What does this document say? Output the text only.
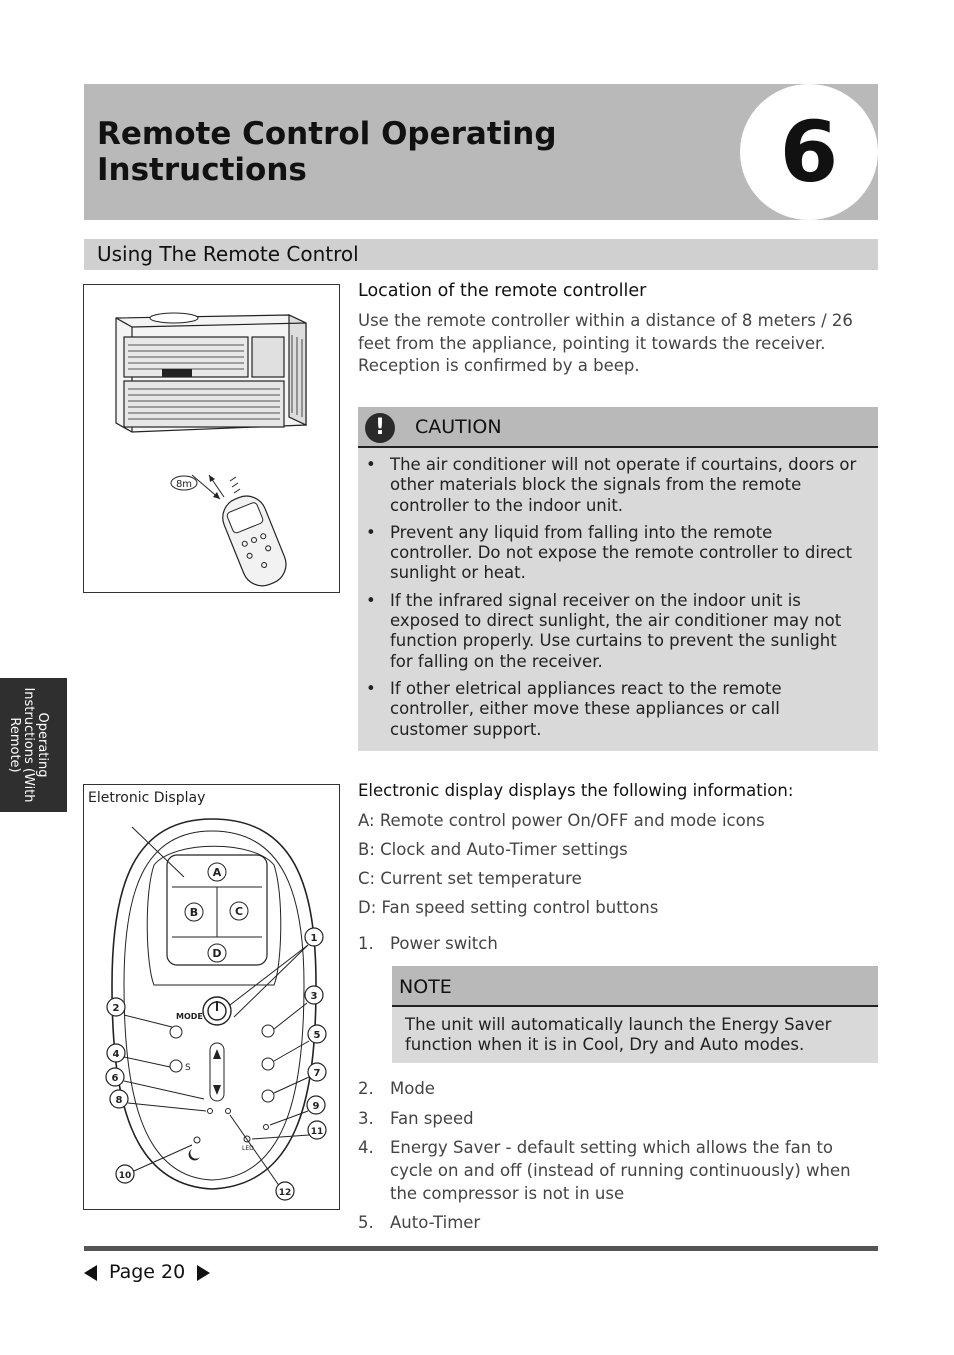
Remote Control Operating Instructions	6
Using The Remote Control
8m
Location of the remote controller
Use the remote controller within a distance of 8 meters / 26 feet from the appliance, pointing it towards the receiver. Reception is confirmed by a beep.
!	CAUTION
• The air conditioner will not operate if courtains, doors or other materials block the signals from the remote controller to the indoor unit.
• Prevent any liquid from falling into the remote controller. Do not expose the remote controller to direct sunlight or heat.
• If the infrared signal receiver on the indoor unit is exposed to direct sunlight, the air conditioner may not function properly. Use curtains to prevent the sunlight for falling on the receiver.
• If other eletrical appliances react to the remote controller, either move these appliances or call customer support.
Operating Instructions (With Remote)
Eletronic Display
A
B	C
D
MODE
S
LED
1
2
3
4
5
6	7
8
9
10
11
12
Electronic display displays the following information:
A: Remote control power On/OFF and mode icons
B: Clock and Auto-Timer settings
C: Current set temperature
D: Fan speed setting control buttons
1. Power switch
NOTE
The unit will automatically launch the Energy Saver function when it is in Cool, Dry and Auto modes.
2. Mode
3. Fan speed
4. Energy Saver - default setting which allows the fan to cycle on and off (instead of running continuously) when the compressor is not in use
5. Auto-Timer
Page 20
